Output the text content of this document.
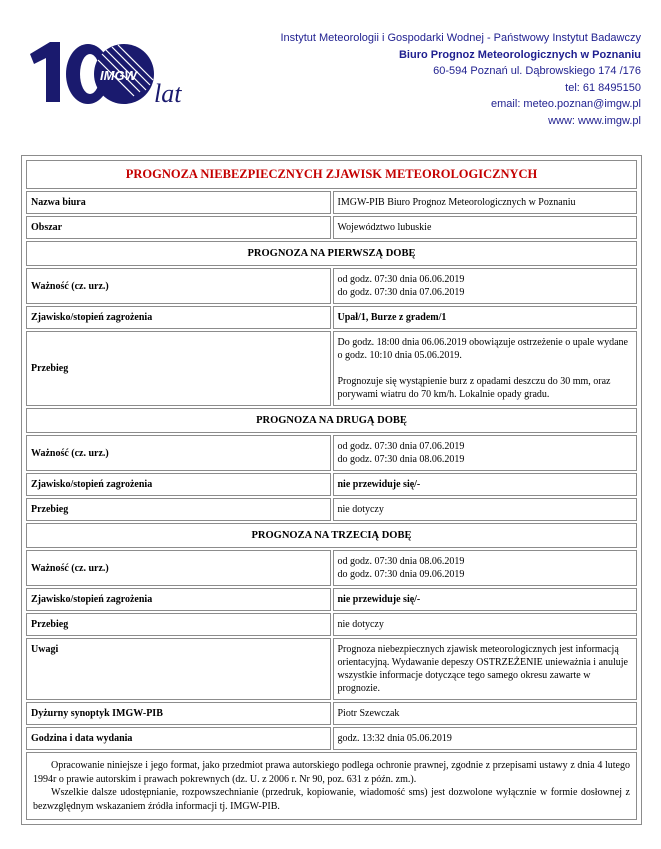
IMGW
lat
Instytut Meteorologii i Gospodarki Wodnej - Państwowy Instytut Badawczy
Biuro Prognoz Meteorologicznych w Poznaniu
60-594 Poznań ul. Dąbrowskiego 174 /176
tel: 61 8495150
email: meteo.poznan@imgw.pl
www: www.imgw.pl
PROGNOZA NIEBEZPIECZNYCH ZJAWISK METEOROLOGICZNYCH	
Nazwa biura	IMGW-PIB Biuro Prognoz Meteorologicznych w Poznaniu
Obszar	Województwo lubuskie
PROGNOZA NA PIERWSZĄ DOBĘ	
Ważność (cz. urz.)	od godz. 07:30 dnia 06.06.2019
do godz. 07:30 dnia 07.06.2019

Zjawisko/stopień zagrożenia	Upał/1, Burze z gradem/1
Przebieg	Do godz. 18:00 dnia 06.06.2019 obowiązuje ostrzeżenie o upale wydane o godz. 10:10 dnia 05.06.2019.
Prognozuje się wystąpienie burz z opadami deszczu do 30 mm, oraz porywami wiatru do 70 km/h. Lokalnie opady gradu.

PROGNOZA NA DRUGĄ DOBĘ	
Ważność (cz. urz.)	od godz. 07:30 dnia 07.06.2019
do godz. 07:30 dnia 08.06.2019

Zjawisko/stopień zagrożenia	nie przewiduje się/-
Przebieg	nie dotyczy
PROGNOZA NA TRZECIĄ DOBĘ	
Ważność (cz. urz.)	od godz. 07:30 dnia 08.06.2019
do godz. 07:30 dnia 09.06.2019

Zjawisko/stopień zagrożenia	nie przewiduje się/-
Przebieg	nie dotyczy
Uwagi	Prognoza niebezpiecznych zjawisk meteorologicznych jest informacją orientacyjną. Wydawanie depeszy OSTRZEŻENIE unieważnia i anuluje wszystkie informacje dotyczące tego samego okresu zawarte w prognozie.
Dyżurny synoptyk IMGW-PIB	Piotr Szewczak
Godzina i data wydania	godz. 13:32 dnia 05.06.2019

Opracowanie niniejsze i jego format, jako przedmiot prawa autorskiego podlega ochronie prawnej, zgodnie z przepisami ustawy z dnia 4 lutego 1994r o prawie autorskim i prawach pokrewnych (dz. U. z 2006 r. Nr 90, poz. 631 z późn. zm.).

Wszelkie dalsze udostępnianie, rozpowszechnianie (przedruk, kopiowanie, wiadomość sms) jest dozwolone wyłącznie w formie dosłownej z bezwzględnym wskazaniem źródła informacji tj. IMGW-PIB.	
